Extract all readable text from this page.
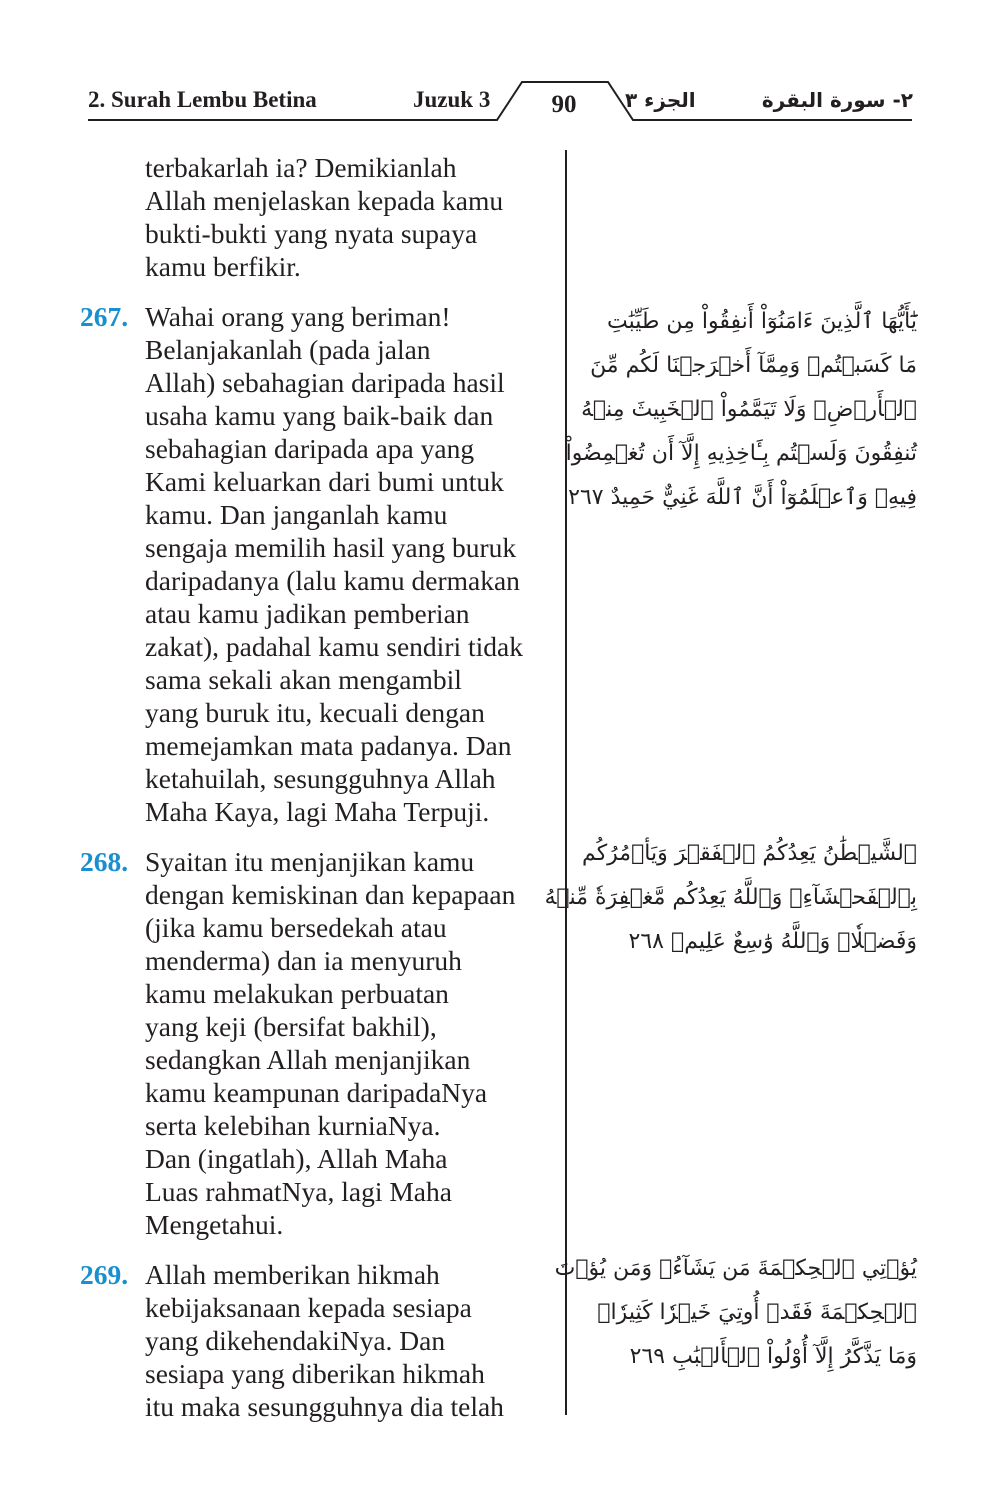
2. Surah Lembu Betina	Juzuk 3	90	الجزء ٣	٢- سورة البقرة
terbakarlah ia? Demikianlah
Allah menjelaskan kepada kamu
bukti-bukti yang nyata supaya
kamu berfikir.
267. Wahai orang yang beriman!
Belanjakanlah (pada jalan
Allah) sebahagian daripada hasil
usaha kamu yang baik-baik dan
sebahagian daripada apa yang
Kami keluarkan dari bumi untuk
kamu. Dan janganlah kamu
sengaja memilih hasil yang buruk
daripadanya (lalu kamu dermakan
atau kamu jadikan pemberian
zakat), padahal kamu sendiri tidak
sama sekali akan mengambil
yang buruk itu, kecuali dengan
memejamkan mata padanya. Dan
ketahuilah, sesungguhnya Allah
Maha Kaya, lagi Maha Terpuji.
268. Syaitan itu menjanjikan kamu
dengan kemiskinan dan kepapaan
(jika kamu bersedekah atau
menderma) dan ia menyuruh
kamu melakukan perbuatan
yang keji (bersifat bakhil),
sedangkan Allah menjanjikan
kamu keampunan daripadaNya
serta kelebihan kurniaNya.
Dan (ingatlah), Allah Maha
Luas rahmatNya, lagi Maha
Mengetahui.
269. Allah memberikan hikmah
kebijaksanaan kepada sesiapa
yang dikehendakiNya. Dan
sesiapa yang diberikan hikmah
itu maka sesungguhnya dia telah
يَٰٓأَيُّهَا ٱلَّذِينَ ءَامَنُوٓاْ أَنفِقُواْ مِن طَيِّبَٰتِ
مَا كَسَبۡتُمۡ وَمِمَّآ أَخۡرَجۡنَا لَكُم مِّنَ
ٱلۡأَرۡضِۖ وَلَا تَيَمَّمُواْ ٱلۡخَبِيثَ مِنۡهُ
تُنفِقُونَ وَلَسۡتُم بِـَٔاخِذِيهِ إِلَّآ أَن تُغۡمِضُواْ
فِيهِۚ وَٱعۡلَمُوٓاْ أَنَّ ٱللَّهَ غَنِيٌّ حَمِيدٌ ٢٦٧
ٱلشَّيۡطَٰنُ يَعِدُكُمُ ٱلۡفَقۡرَ وَيَأۡمُرُكُم
بِٱلۡفَحۡشَآءِۖ وَٱللَّهُ يَعِدُكُم مَّغۡفِرَةٗ مِّنۡهُ
وَفَضۡلٗاۗ وَٱللَّهُ وَٰسِعٌ عَلِيمٞ ٢٦٨
يُؤۡتِي ٱلۡحِكۡمَةَ مَن يَشَآءُۚ وَمَن يُؤۡتَ
ٱلۡحِكۡمَةَ فَقَدۡ أُوتِيَ خَيۡرٗا كَثِيرٗاۗ
وَمَا يَذَّكَّرُ إِلَّآ أُوْلُواْ ٱلۡأَلۡبَٰبِ ٢٦٩
